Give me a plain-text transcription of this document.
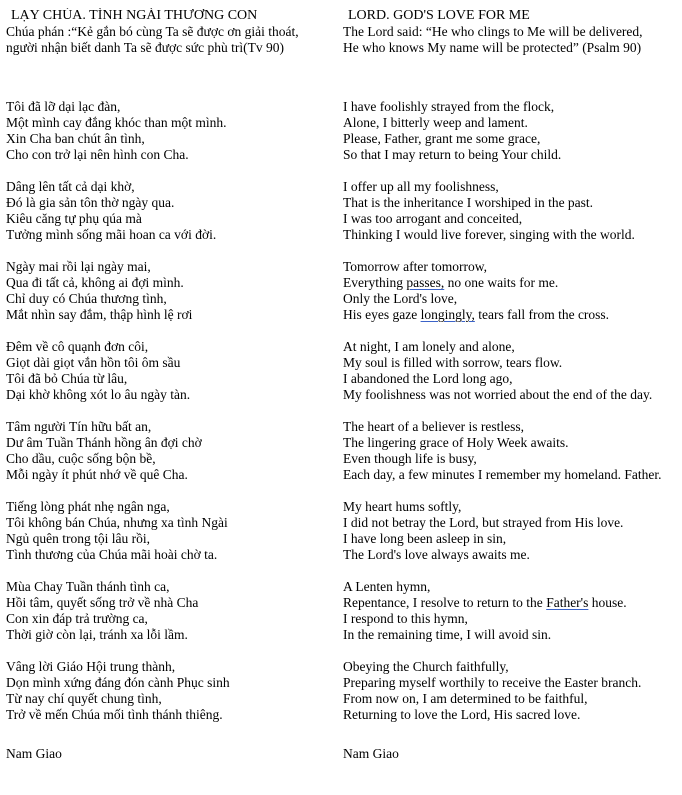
LẠY CHÚA. TÌNH NGÀI THƯƠNG CON

Chúa phán :“Kẻ gắn bó cùng Ta sẽ được ơn giải thoát,

người nhận biết danh Ta sẽ được sức phù trì(Tv 90)

Tôi đã lỡ dại lạc đàn,

Một mình cay đắng khóc than một mình.

Xin Cha ban chút ân tình,

Cho con trở lại nên hình con Cha.

Dâng lên tất cả dại khờ,

Đó là gia sản tôn thờ ngày qua.

Kiêu căng tự phụ qúa mà

Tưởng mình sống mãi hoan ca với đời.

Ngày mai rồi lại ngày mai,

Qua đi tất cả, không ai đợi mình.

Chỉ duy có Chúa thương tình,

Mắt nhìn say đắm, thập hình lệ rơi

Đêm về cô quạnh đơn côi,

Giọt dài giọt vắn hồn tôi ôm sầu

Tôi đã bỏ Chúa từ lâu,

Dại khờ không xót lo âu ngày tàn.

Tâm người Tín hữu bất an,

Dư âm Tuần Thánh hồng ân đợi chờ

Cho dầu, cuộc sống bộn bề,

Mỗi ngày ít phút nhớ về quê Cha.

Tiếng lòng phát nhẹ ngân nga,

Tôi không bán Chúa, nhưng xa tình Ngài

Ngủ quên trong tội lâu rồi,

Tình thương của Chúa mãi hoài chờ ta.

Mùa Chay Tuần thánh tình ca,

Hồi tâm, quyết sống trở về nhà Cha

Con xin đáp trả trường ca,

Thời giờ còn lại, tránh xa lỗi lầm.

Vâng lời Giáo Hội trung thành,

Dọn mình xứng đáng đón cành Phục sinh

Từ nay chí quyết chung tình,

Trở về mến Chúa mối tình thánh thiêng.

Nam Giao
LORD. GOD'S LOVE FOR ME

The Lord said: “He who clings to Me will be delivered,

He who knows My name will be protected” (Psalm 90)

I have foolishly strayed from the flock,

Alone, I bitterly weep and lament.

Please, Father, grant me some grace,

So that I may return to being Your child.

I offer up all my foolishness,

That is the inheritance I worshiped in the past.

I was too arrogant and conceited,

Thinking I would live forever, singing with the world.

Tomorrow after tomorrow,

Everything passes, no one waits for me.

Only the Lord's love,

His eyes gaze longingly, tears fall from the cross.

At night, I am lonely and alone,

My soul is filled with sorrow, tears flow.

I abandoned the Lord long ago,

My foolishness was not worried about the end of the day.

The heart of a believer is restless,

The lingering grace of Holy Week awaits.

Even though life is busy,

Each day, a few minutes I remember my homeland. Father.

My heart hums softly,

I did not betray the Lord, but strayed from His love.

I have long been asleep in sin,

The Lord's love always awaits me.

A Lenten hymn,

Repentance, I resolve to return to the Father's house.

I respond to this hymn,

In the remaining time, I will avoid sin.

Obeying the Church faithfully,

Preparing myself worthily to receive the Easter branch.

From now on, I am determined to be faithful,

Returning to love the Lord, His sacred love.

Nam Giao
